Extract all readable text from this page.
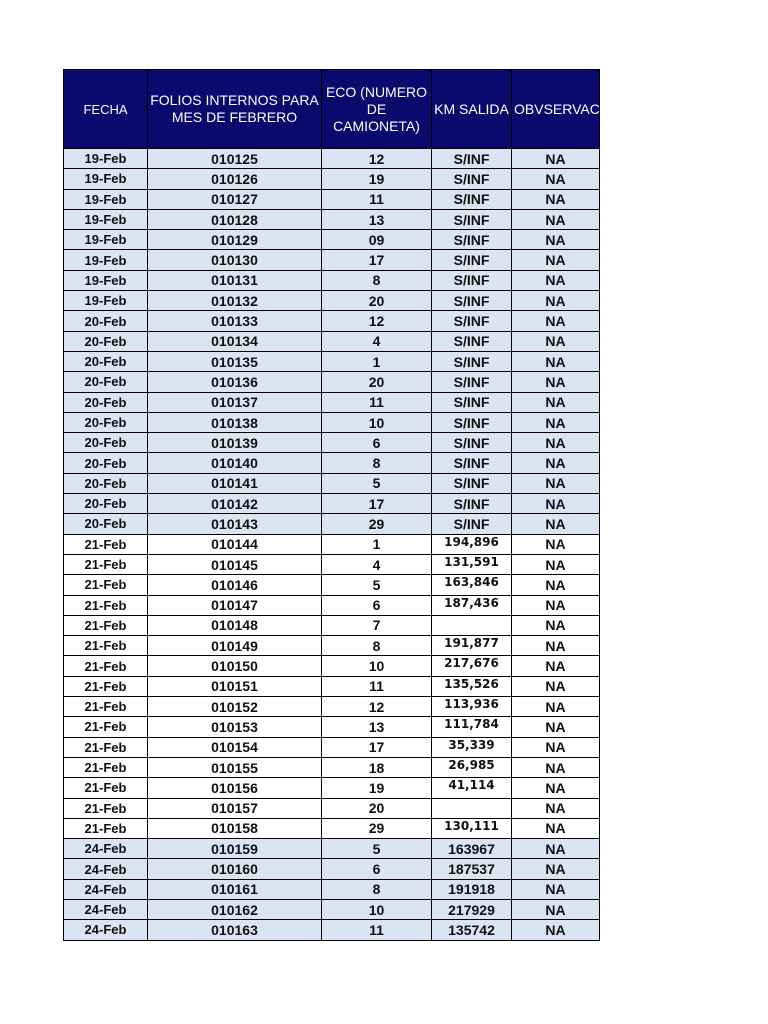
FECHA	FOLIOS INTERNOS PARA MES DE FEBRERO	ECO (NUMERO DE CAMIONETA)	KM SALIDA	OBVSERVACIONES
19-Feb	010125	12	S/INF	NA
19-Feb	010126	19	S/INF	NA
19-Feb	010127	11	S/INF	NA
19-Feb	010128	13	S/INF	NA
19-Feb	010129	09	S/INF	NA
19-Feb	010130	17	S/INF	NA
19-Feb	010131	8	S/INF	NA
19-Feb	010132	20	S/INF	NA
20-Feb	010133	12	S/INF	NA
20-Feb	010134	4	S/INF	NA
20-Feb	010135	1	S/INF	NA
20-Feb	010136	20	S/INF	NA
20-Feb	010137	11	S/INF	NA
20-Feb	010138	10	S/INF	NA
20-Feb	010139	6	S/INF	NA
20-Feb	010140	8	S/INF	NA
20-Feb	010141	5	S/INF	NA
20-Feb	010142	17	S/INF	NA
20-Feb	010143	29	S/INF	NA
21-Feb	010144	1	194,896	NA
21-Feb	010145	4	131,591	NA
21-Feb	010146	5	163,846	NA
21-Feb	010147	6	187,436	NA
21-Feb	010148	7		NA
21-Feb	010149	8	191,877	NA
21-Feb	010150	10	217,676	NA
21-Feb	010151	11	135,526	NA
21-Feb	010152	12	113,936	NA
21-Feb	010153	13	111,784	NA
21-Feb	010154	17	35,339	NA
21-Feb	010155	18	26,985	NA
21-Feb	010156	19	41,114	NA
21-Feb	010157	20		NA
21-Feb	010158	29	130,111	NA
24-Feb	010159	5	163967	NA
24-Feb	010160	6	187537	NA
24-Feb	010161	8	191918	NA
24-Feb	010162	10	217929	NA
24-Feb	010163	11	135742	NA
